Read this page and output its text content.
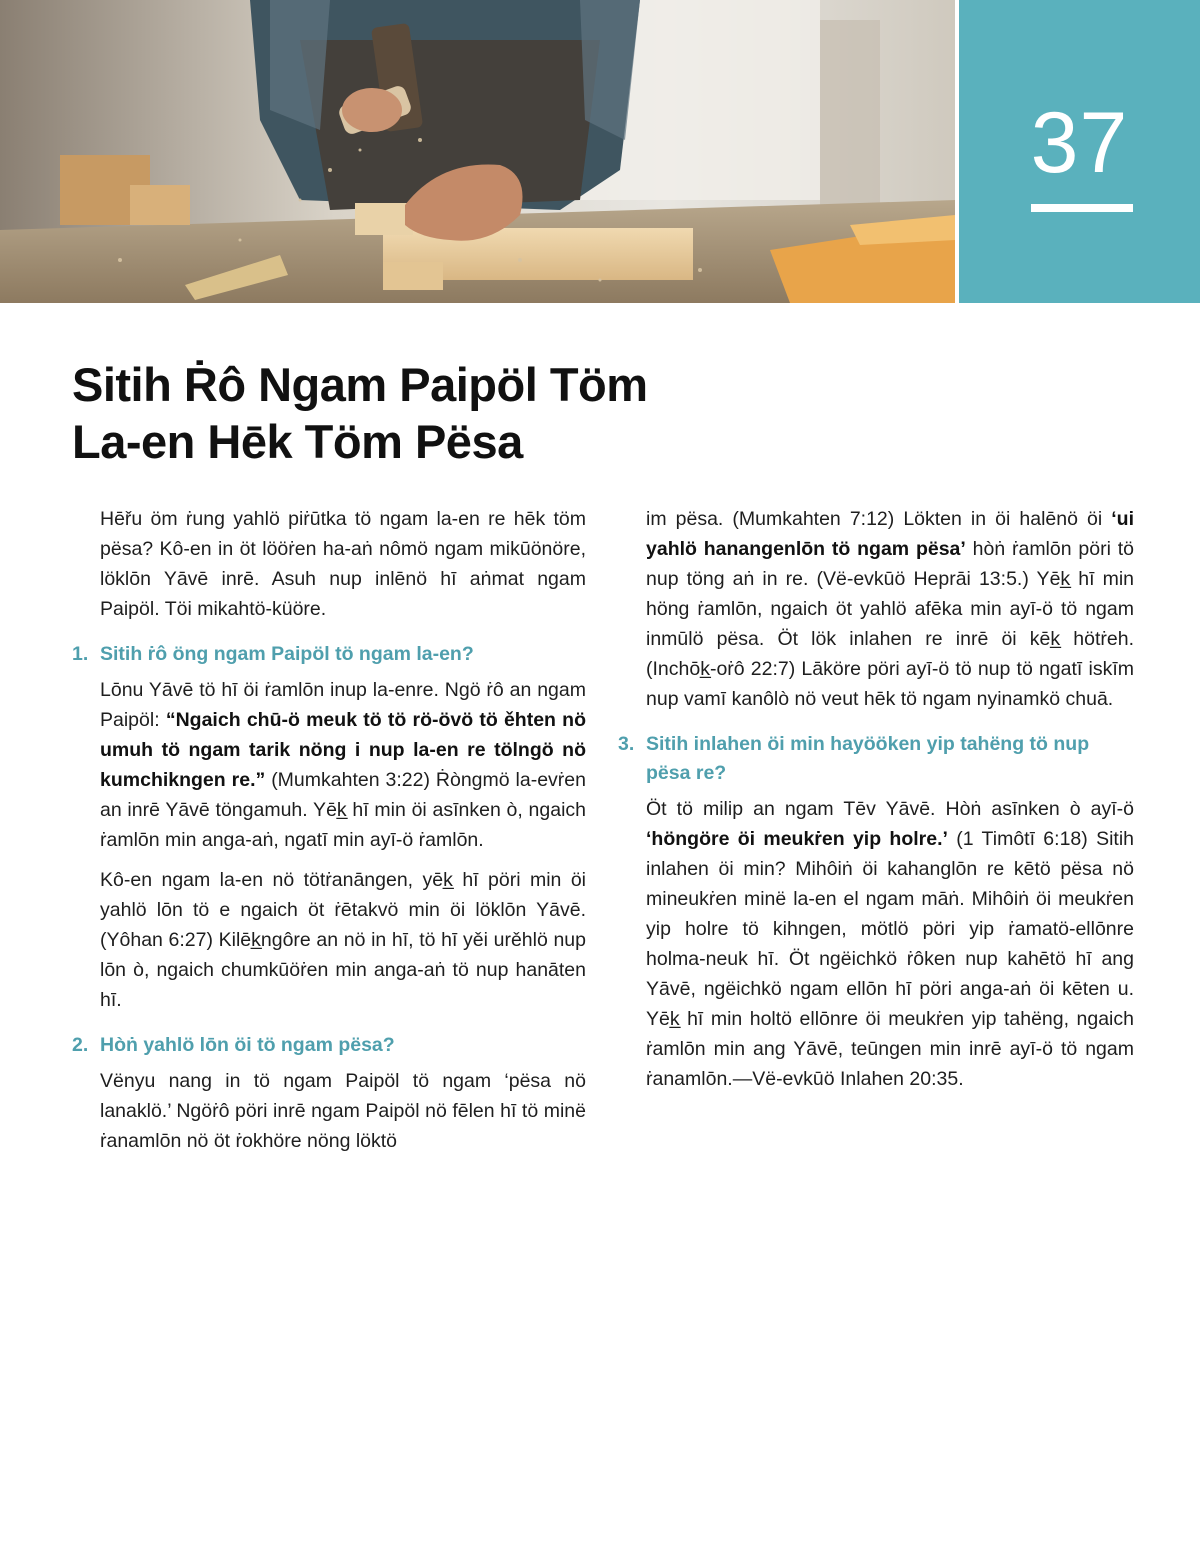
37
Sitih Ṙô Ngam Paipöl Töm
La-en Hēk Töm Pësa

Hēřu öm ṙung yahlö piṙūtka tö ngam la-en re hēk töm pësa? Kô-en in öt lööṙen ha-aṅ nômö ngam mikūönöre, löklōn Yāvē inrē. Asuh nup inlēnö hī aṅmat ngam Paipöl. Töi mikahtö-küöre.

1. Sitih ṙô öng ngam Paipöl tö ngam la-en?

Lōnu Yāvē tö hī öi ṙamlōn inup la-enre. Ngö ṙô an ngam Paipöl: “Ngaich chū-ö meuk tö tö rö-övö tö ěhten nö umuh tö ngam tarik nöng i nup la-en re tölngö nö kumchikngen re.” (Mumkahten 3:22) Ṙòngmö la-evṙen an inrē Yāvē töngamuh. Yēk̲ hī min öi asīnken ò, ngaich ṙamlōn min anga-aṅ, ngatī min ayī-ö ṙamlōn.

Kô-en ngam la-en nö tötṙanāngen, yēk̲ hī pöri min öi yahlö lōn tö e ngaich öt ṙētakvö min öi löklōn Yāvē. (Yôhan 6:27) Kilēk̲ngôre an nö in hī, tö hī yěi urěhlö nup lōn ò, ngaich chumkūöṙen min anga-aṅ tö nup hanāten hī.

2. Hòṅ yahlö lōn öi tö ngam pësa?

Vënyu nang in tö ngam Paipöl tö ngam ‘pësa nö lanaklö.’ Ngöṙô pöri inrē ngam Paipöl nö fēlen hī tö minë ṙanamlōn nö öt ṙokhöre nöng löktö

im pësa. (Mumkahten 7:12) Lökten in öi halēnö öi ‘ui yahlö hanangenlōn tö ngam pësa’ hòṅ ṙamlōn pöri tö nup töng aṅ in re. (Vë-evkūö Heprāi 13:5.) Yēk̲ hī min höng ṙamlōn, ngaich öt yahlö afēka min ayī-ö tö ngam inmūlö pësa. Öt lök inlahen re inrē öi kēk̲ hötṙeh. (Inchōk̲-oṙô 22:7) Lāköre pöri ayī-ö tö nup tö ngatī iskīm nup vamī kanôlò nö veut hēk tö ngam nyinamkö chuā.

3. Sitih inlahen öi min hayööken yip tahëng tö nup pësa re?

Öt tö milip an ngam Tēv Yāvē. Hòṅ asīnken ò ayī-ö ‘höngöre öi meukṙen yip holre.’ (1 Timôtī 6:18) Sitih inlahen öi min? Mihôiṅ öi kahanglōn re kētö pësa nö mineukṙen minë la-en el ngam māṅ. Mihôiṅ öi meukṙen yip holre tö kihngen, mötlö pöri yip ṙamatö-ellōnre holma-neuk hī. Öt ngëichkö ṙôken nup kahētö hī ang Yāvē, ngëichkö ngam ellōn hī pöri anga-aṅ öi kēten u. Yēk̲ hī min holtö ellōnre öi meukṙen yip tahëng, ngaich ṙamlōn min ang Yāvē, teūngen min inrē ayī-ö tö ngam ṙanamlōn.—Vë-evkūö Inlahen 20:35.
